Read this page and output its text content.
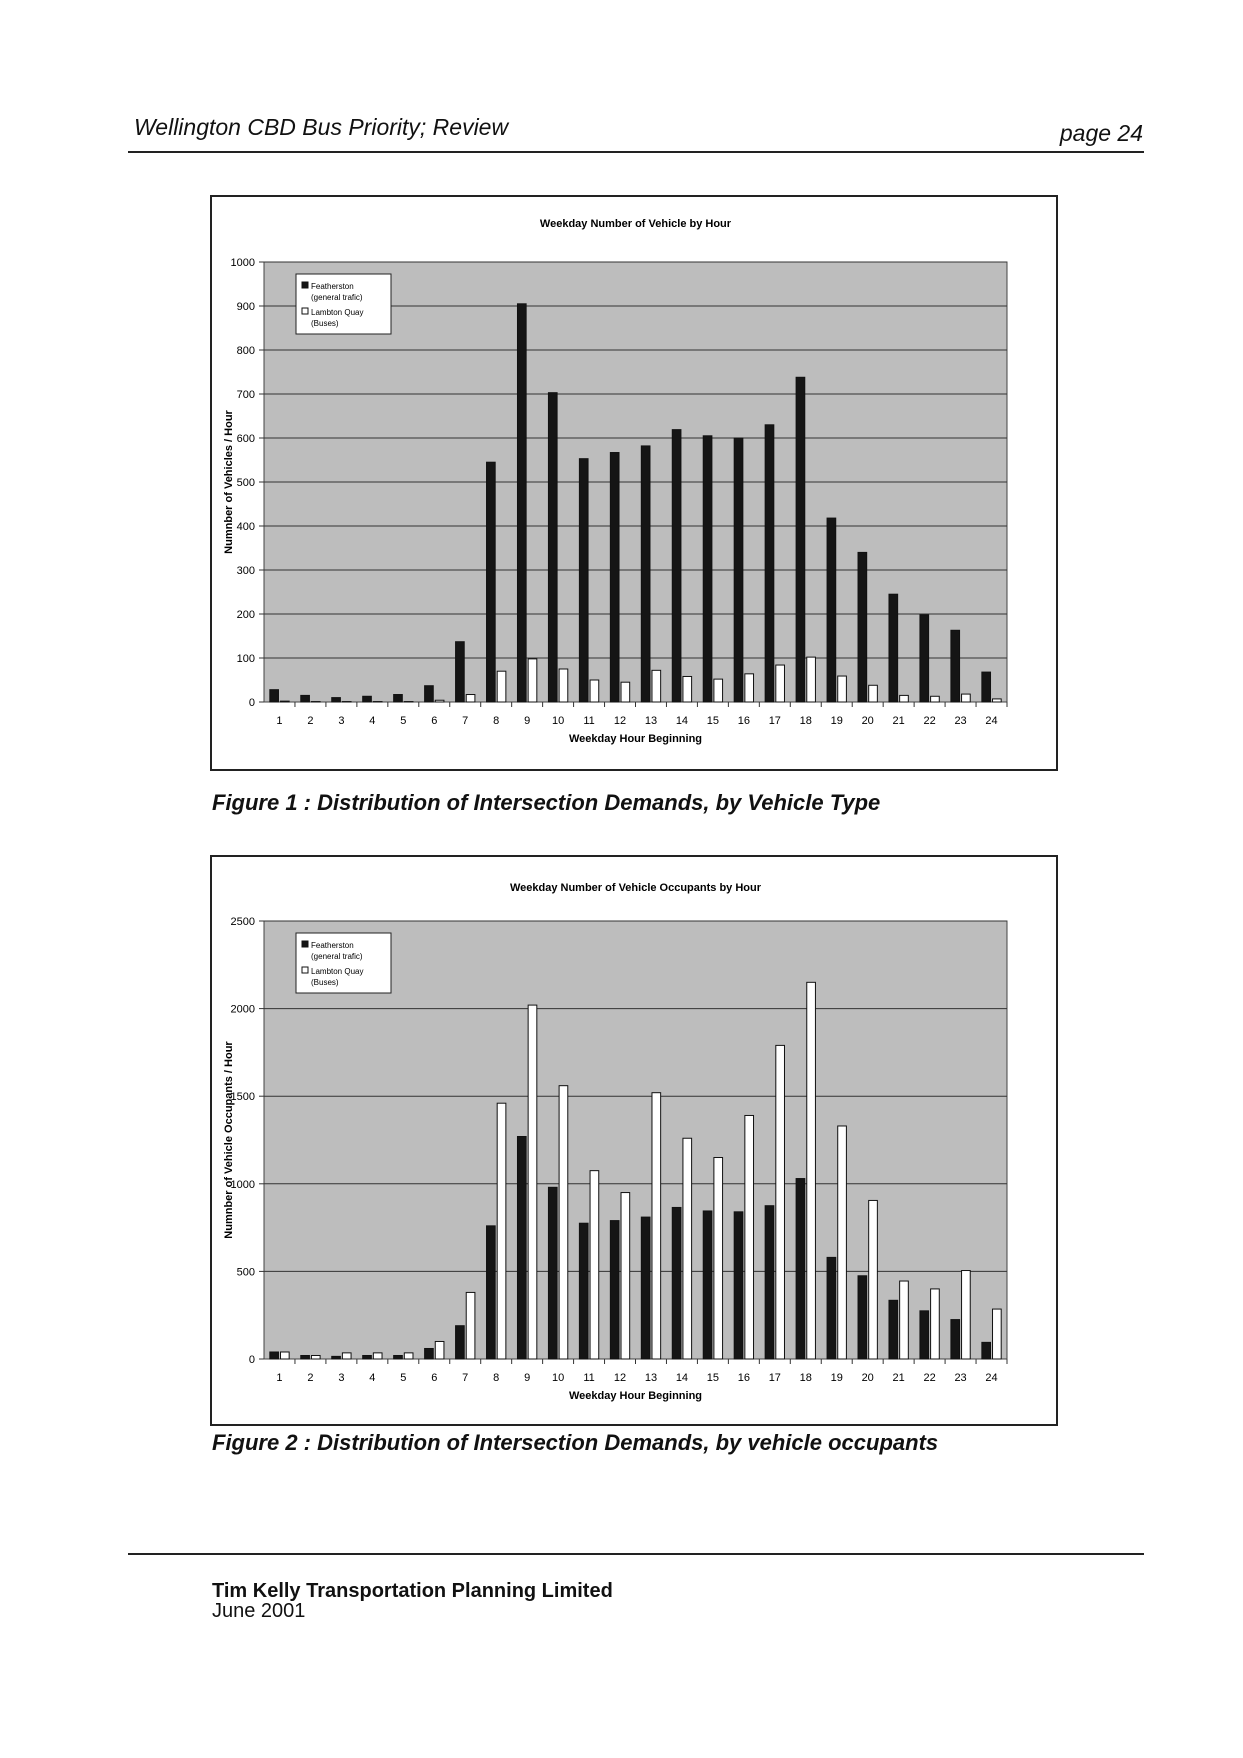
Wellington CBD Bus Priority; Review	page 24
Weekday Number of Vehicle by Hour
0
100
200
300
400
500
600
700
800
900
1000
1 2 3 4 5 6 7 8 9 10 11 12 13 14 15 16 17 18 19 20 21 22 23 24
Weekday Hour Beginning
Numnber of Vehicles / Hour
Featherston
(general trafic)
Lambton Quay
(Buses)
Figure 1 : Distribution of Intersection Demands, by Vehicle Type
Weekday Number of Vehicle Occupants by Hour
0
500
1000
1500
2000
2500
1 2 3 4 5 6 7 8 9 10 11 12 13 14 15 16 17 18 19 20 21 22 23 24
Weekday Hour Beginning
Numnber of Vehicle Occupants / Hour
Featherston
(general trafic)
Lambton Quay
(Buses)
Figure 2 : Distribution of Intersection Demands, by vehicle occupants
Tim Kelly Transportation Planning Limited
June 2001
